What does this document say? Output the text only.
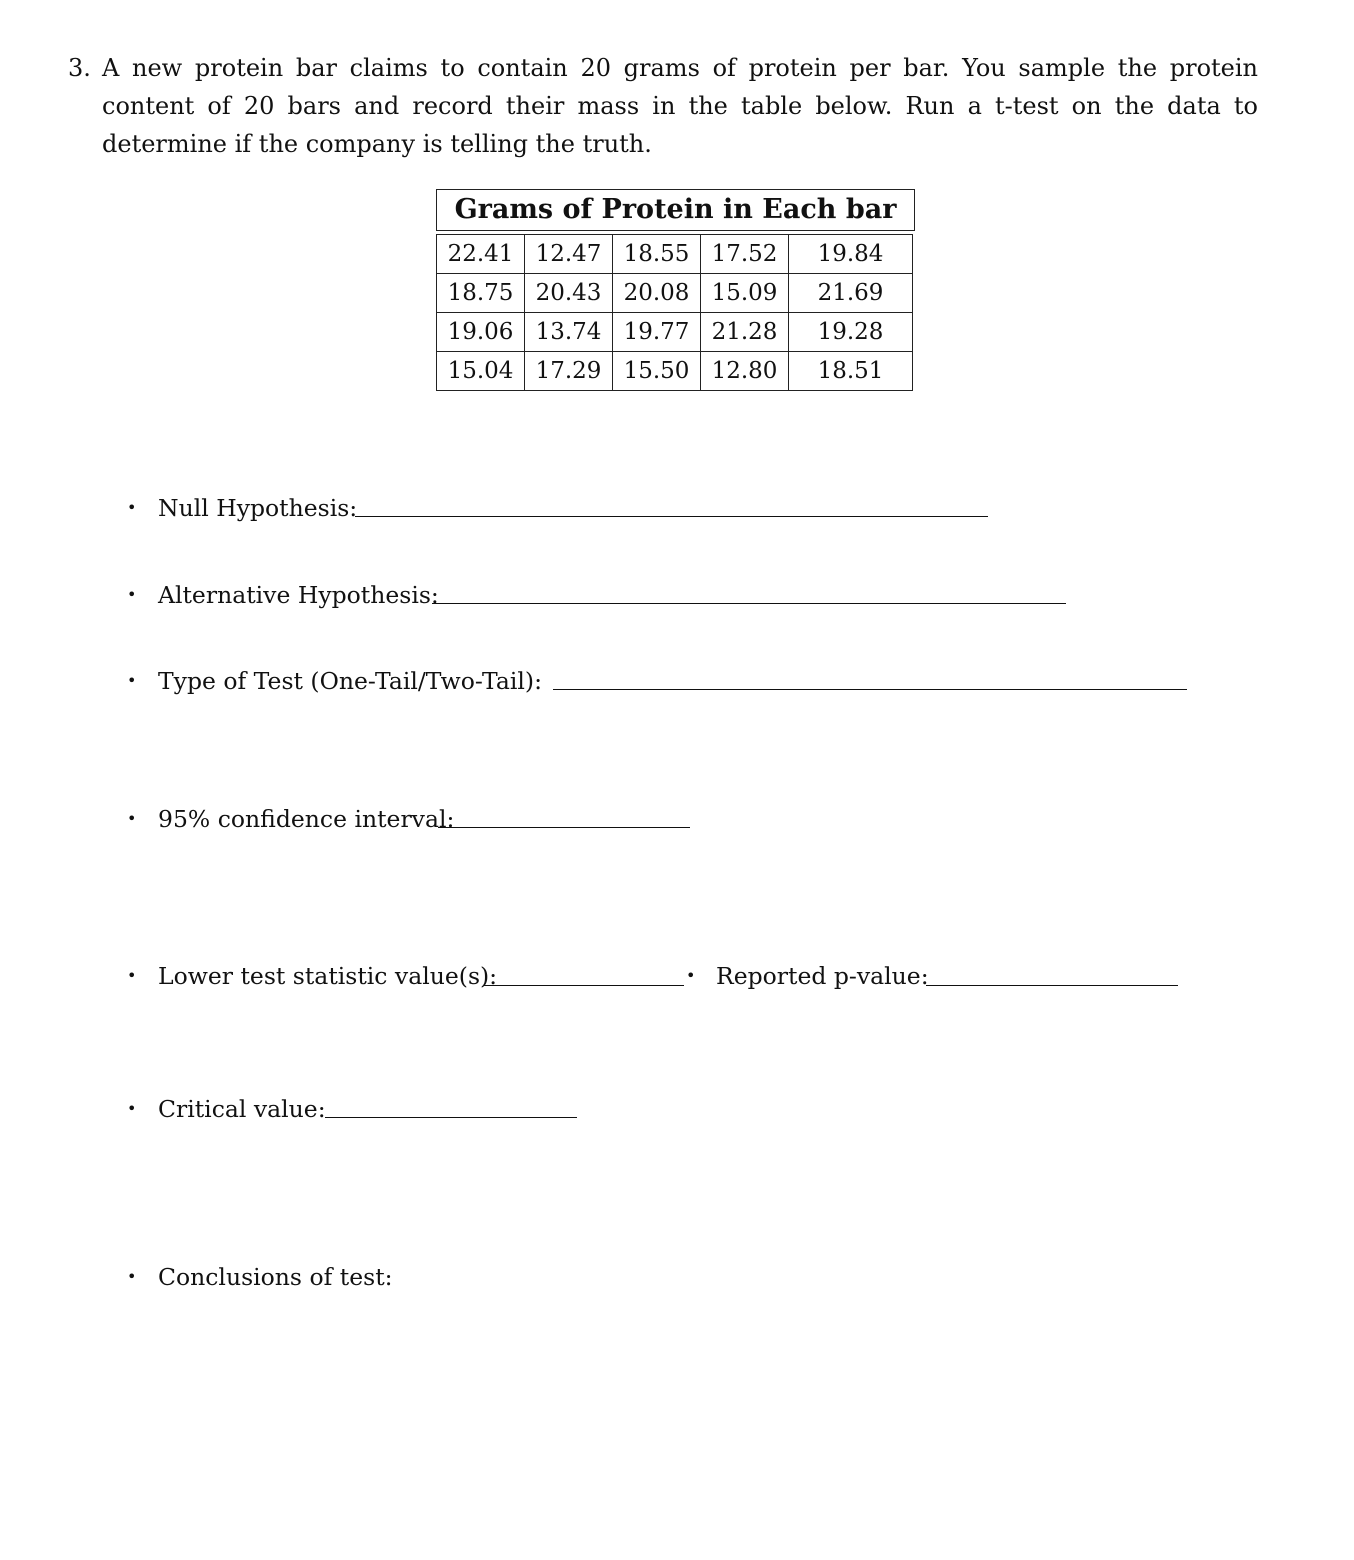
3. A new protein bar claims to contain 20 grams of protein per bar. You sample the protein content of 20 bars and record their mass in the table below. Run a t-test on the data to determine if the company is telling the truth.
Grams of Protein in Each bar
22.41	12.47	18.55	17.52	19.84
18.75	20.43	20.08	15.09	21.69
19.06	13.74	19.77	21.28	19.28
15.04	17.29	15.50	12.80	18.51
• Null Hypothesis:
• Alternative Hypothesis:
• Type of Test (One-Tail/Two-Tail):
• 95% confidence interval:
• Lower test statistic value(s):	• Reported p-value:
• Critical value:
• Conclusions of test:
